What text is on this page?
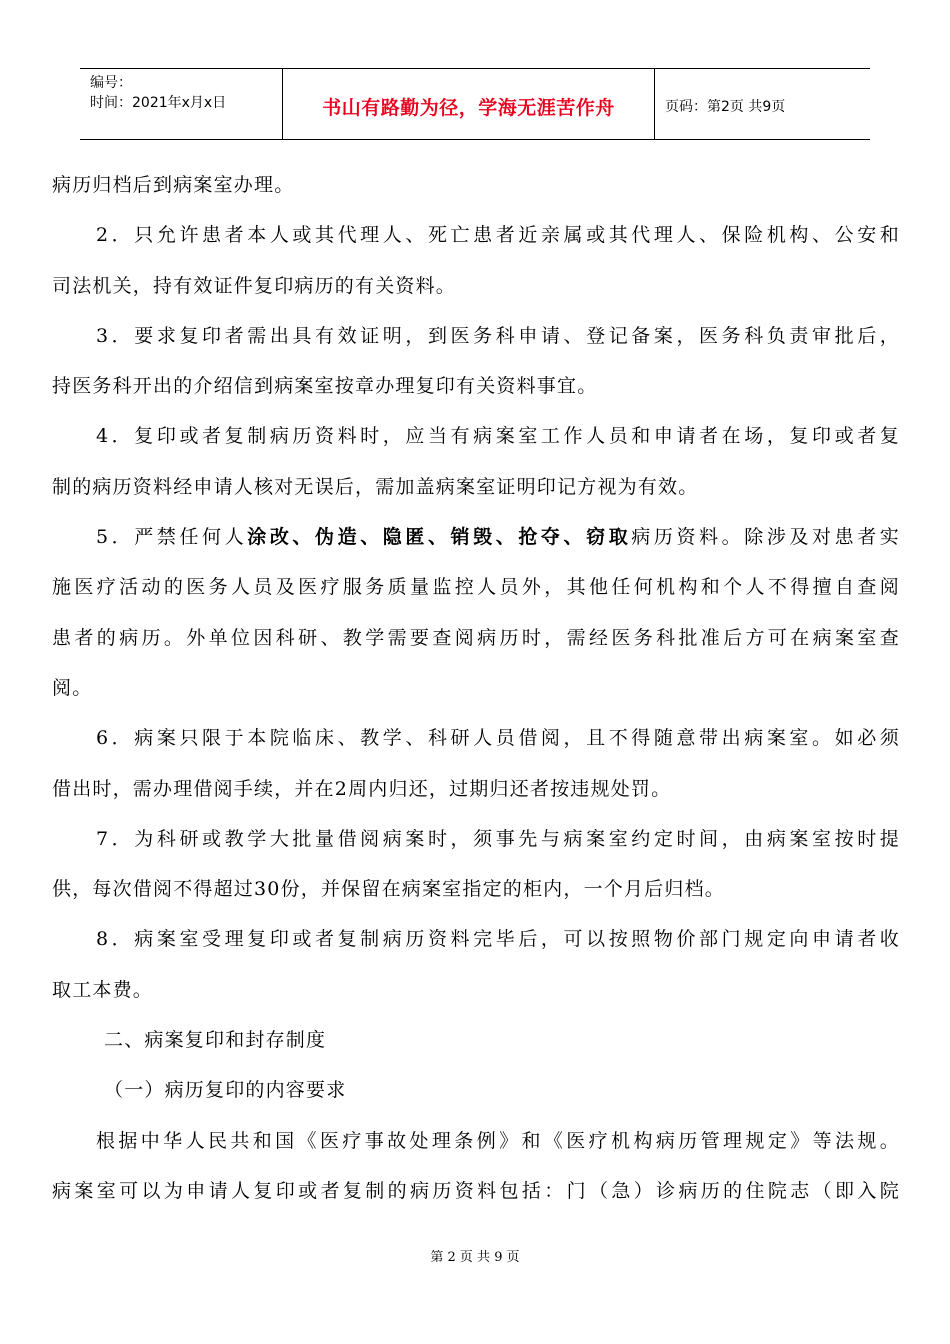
编号：
时间：2021年x月x日	书山有路勤为径，学海无涯苦作舟	页码：第2页 共9页
病历归档后到病案室办理。
2．只允许患者本人或其代理人、死亡患者近亲属或其代理人、保险机构、公安和
司法机关，持有效证件复印病历的有关资料。
3．要求复印者需出具有效证明，到医务科申请、登记备案，医务科负责审批后，
持医务科开出的介绍信到病案室按章办理复印有关资料事宜。
4．复印或者复制病历资料时，应当有病案室工作人员和申请者在场，复印或者复
制的病历资料经申请人核对无误后，需加盖病案室证明印记方视为有效。
5．严禁任何人涂改、伪造、隐匿、销毁、抢夺、窃取病历资料。除涉及对患者实
施医疗活动的医务人员及医疗服务质量监控人员外，其他任何机构和个人不得擅自查阅
患者的病历。外单位因科研、教学需要查阅病历时，需经医务科批准后方可在病案室查
阅。
6．病案只限于本院临床、教学、科研人员借阅，且不得随意带出病案室。如必须
借出时，需办理借阅手续，并在2周内归还，过期归还者按违规处罚。
7．为科研或教学大批量借阅病案时，须事先与病案室约定时间，由病案室按时提
供，每次借阅不得超过30份，并保留在病案室指定的柜内，一个月后归档。
8．病案室受理复印或者复制病历资料完毕后，可以按照物价部门规定向申请者收
取工本费。
二、病案复印和封存制度
（一）病历复印的内容要求
根据中华人民共和国《医疗事故处理条例》和《医疗机构病历管理规定》等法规。
病案室可以为申请人复印或者复制的病历资料包括：门（急）诊病历的住院志（即入院
第 2 页 共 9 页
